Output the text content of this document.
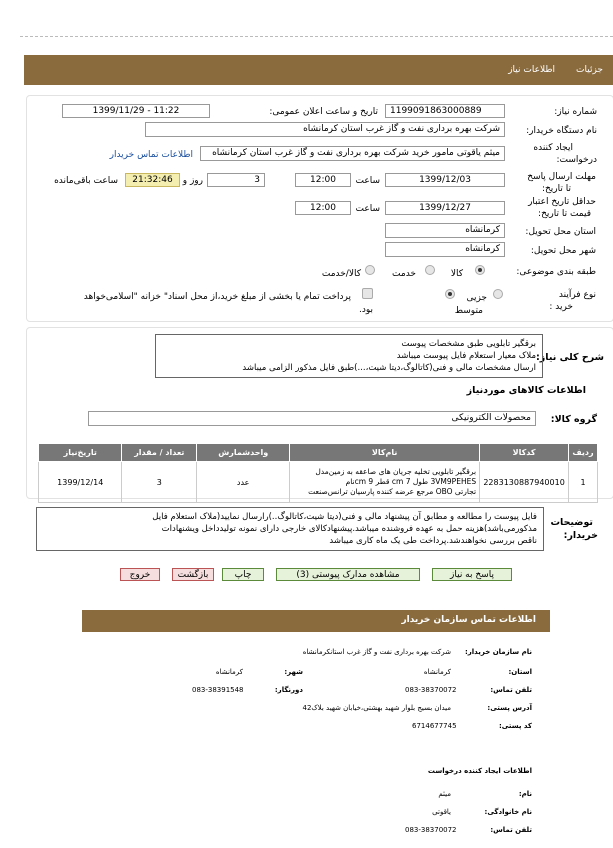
جزئیات
اطلاعات نیاز
شماره نیاز:
1199091863000889
تاریخ و ساعت اعلان عمومی:
1399/11/29 - 11:22
نام دستگاه خریدار:
شرکت بهره برداری نفت و گاز غرب استان کرمانشاه
ایجاد کننده
درخواست:
میثم یاقوتی مامور خرید شرکت بهره برداری نفت و گاز غرب استان کرمانشاه
اطلاعات تماس خریدار
مهلت ارسال پاسخ
تا تاریخ:
1399/12/03
ساعت
12:00
3
روز و
21:32:46
ساعت باقی‌مانده
حداقل تاریخ اعتبار
قیمت تا تاریخ:
1399/12/27
ساعت
12:00
استان محل تحویل:
کرمانشاه
شهر محل تحویل:
کرمانشاه
طبقه بندی موضوعی:
کالا
خدمت
کالا/خدمت
نوع فرآیند
خرید :
جزیی
متوسط
پرداخت تمام یا بخشی از مبلغ خرید،از محل اسناد" خزانه "اسلامی‌خواهد
بود.
شرح کلی نیاز:
برقگیر تابلویی طبق مشخصات پیوست
ملاک معیار استعلام فایل پیوست میباشد
ارسال مشخصات مالی و فنی(کاتالوگ،دیتا شیت،...)طبق فایل مذکور الزامی میباشد
اطلاعات کالاهای موردنیاز
گروه کالا:
محصولات الکترونیکی
ردیف	کدکالا	نام‌کالا	واحدشمارش	تعداد / مقدار	تاریخ‌نیاز
1	2283130887940010	برقگیر تابلویی تخلیه جریان های صاعقه به زمین‌مدل
3VM9PEHES طول 7 cm قطر 9 cmنام
تجارتی OBO مرجع عرضه کننده پارسیان ترانس‌صنعت	عدد	3	1399/12/14
توضیحات
خریدار:
فایل پیوست را مطالعه و مطابق آن پیشنهاد مالی و فنی(دیتا شیت،کاتالوگ..)رارسال نمایید(ملاک استعلام فایل
مذکورمی‌باشد)هزینه حمل به عهده فروشنده میباشد.پیشنهادکالای خارجی دارای نمونه تولیدداخل ویشنهادات
ناقص بررسی نخواهندشد.پرداخت طی یک ماه کاری میباشد
پاسخ به نیاز
مشاهده مدارک پیوستی (3)
چاپ
بازگشت
خروج
اطلاعات تماس سازمان خریدار
نام سازمان خریدار:
شرکت بهره برداری نفت و گاز غرب استانکرمانشاه
استان:
کرمانشاه
شهر:
کرمانشاه
تلفن تماس:
083-38370072
دورنگار:
083-38391548
آدرس پستی:
میدان بسیج بلوار شهید بهشتی،خیابان شهید بلاک42
کد پستی:
6714677745
اطلاعات ایجاد کننده درخواست
نام:
میثم
نام خانوادگی:
یاقوتی
تلفن تماس:
083-38370072
